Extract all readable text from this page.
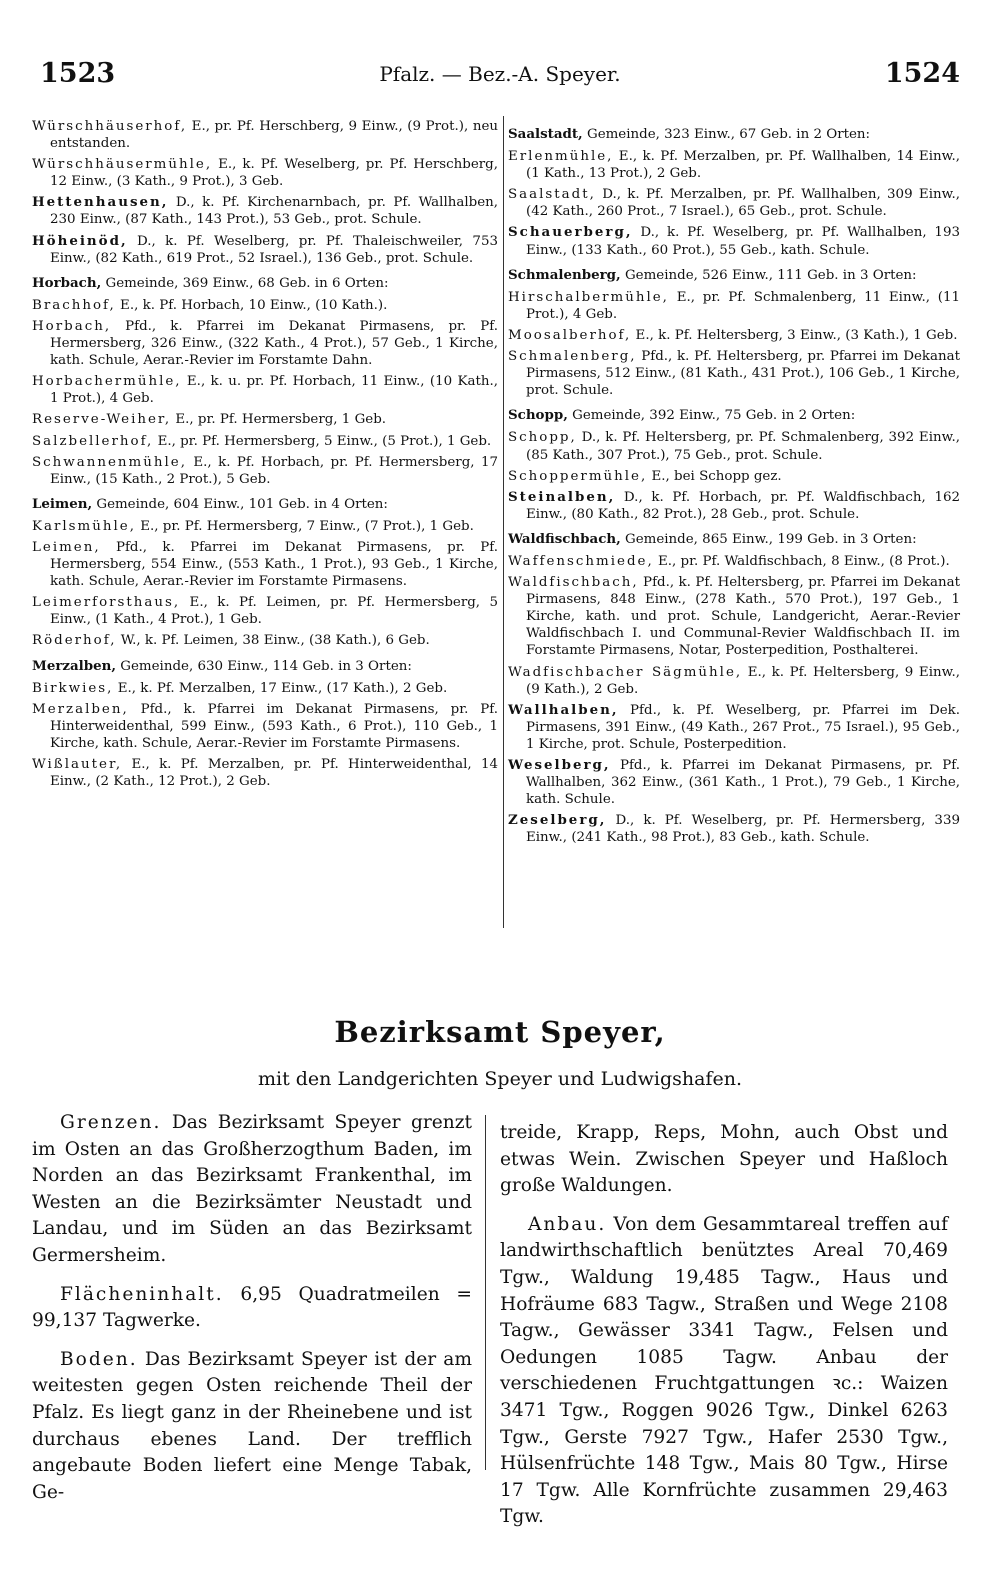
1523	Pfalz. — Bez.-A. Speyer.	1524

Würschhäuserhof, E., pr. Pf. Herschberg, 9 Einw., (9 Prot.), neu entstanden.

Würschhäusermühle, E., k. Pf. Weselberg, pr. Pf. Herschberg, 12 Einw., (3 Kath., 9 Prot.), 3 Geb.

Hettenhausen, D., k. Pf. Kirchenarnbach, pr. Pf. Wallhalben, 230 Einw., (87 Kath., 143 Prot.), 53 Geb., prot. Schule.

Höheinöd, D., k. Pf. Weselberg, pr. Pf. Thaleischweiler, 753 Einw., (82 Kath., 619 Prot., 52 Israel.), 136 Geb., prot. Schule.

Horbach, Gemeinde, 369 Einw., 68 Geb. in 6 Orten:

Brachhof, E., k. Pf. Horbach, 10 Einw., (10 Kath.).

Horbach, Pfd., k. Pfarrei im Dekanat Pirmasens, pr. Pf. Hermersberg, 326 Einw., (322 Kath., 4 Prot.), 57 Geb., 1 Kirche, kath. Schule, Aerar.-Revier im Forstamte Dahn.

Horbachermühle, E., k. u. pr. Pf. Horbach, 11 Einw., (10 Kath., 1 Prot.), 4 Geb.

Reserve-Weiher, E., pr. Pf. Hermersberg, 1 Geb.

Salzbellerhof, E., pr. Pf. Hermersberg, 5 Einw., (5 Prot.), 1 Geb.

Schwannenmühle, E., k. Pf. Horbach, pr. Pf. Hermersberg, 17 Einw., (15 Kath., 2 Prot.), 5 Geb.

Leimen, Gemeinde, 604 Einw., 101 Geb. in 4 Orten:

Karlsmühle, E., pr. Pf. Hermersberg, 7 Einw., (7 Prot.), 1 Geb.

Leimen, Pfd., k. Pfarrei im Dekanat Pirmasens, pr. Pf. Hermersberg, 554 Einw., (553 Kath., 1 Prot.), 93 Geb., 1 Kirche, kath. Schule, Aerar.-Revier im Forstamte Pirmasens.

Leimerforsthaus, E., k. Pf. Leimen, pr. Pf. Hermersberg, 5 Einw., (1 Kath., 4 Prot.), 1 Geb.

Röderhof, W., k. Pf. Leimen, 38 Einw., (38 Kath.), 6 Geb.

Merzalben, Gemeinde, 630 Einw., 114 Geb. in 3 Orten:

Birkwies, E., k. Pf. Merzalben, 17 Einw., (17 Kath.), 2 Geb.

Merzalben, Pfd., k. Pfarrei im Dekanat Pirmasens, pr. Pf. Hinterweidenthal, 599 Einw., (593 Kath., 6 Prot.), 110 Geb., 1 Kirche, kath. Schule, Aerar.-Revier im Forstamte Pirmasens.

Wißlauter, E., k. Pf. Merzalben, pr. Pf. Hinterweidenthal, 14 Einw., (2 Kath., 12 Prot.), 2 Geb.

Saalstadt, Gemeinde, 323 Einw., 67 Geb. in 2 Orten:

Erlenmühle, E., k. Pf. Merzalben, pr. Pf. Wallhalben, 14 Einw., (1 Kath., 13 Prot.), 2 Geb.

Saalstadt, D., k. Pf. Merzalben, pr. Pf. Wallhalben, 309 Einw., (42 Kath., 260 Prot., 7 Israel.), 65 Geb., prot. Schule.

Schauerberg, D., k. Pf. Weselberg, pr. Pf. Wallhalben, 193 Einw., (133 Kath., 60 Prot.), 55 Geb., kath. Schule.

Schmalenberg, Gemeinde, 526 Einw., 111 Geb. in 3 Orten:

Hirschalbermühle, E., pr. Pf. Schmalenberg, 11 Einw., (11 Prot.), 4 Geb.

Moosalberhof, E., k. Pf. Heltersberg, 3 Einw., (3 Kath.), 1 Geb.

Schmalenberg, Pfd., k. Pf. Heltersberg, pr. Pfarrei im Dekanat Pirmasens, 512 Einw., (81 Kath., 431 Prot.), 106 Geb., 1 Kirche, prot. Schule.

Schopp, Gemeinde, 392 Einw., 75 Geb. in 2 Orten:

Schopp, D., k. Pf. Heltersberg, pr. Pf. Schmalenberg, 392 Einw., (85 Kath., 307 Prot.), 75 Geb., prot. Schule.

Schoppermühle, E., bei Schopp gez.

Steinalben, D., k. Pf. Horbach, pr. Pf. Waldfischbach, 162 Einw., (80 Kath., 82 Prot.), 28 Geb., prot. Schule.

Waldfischbach, Gemeinde, 865 Einw., 199 Geb. in 3 Orten:

Waffenschmiede, E., pr. Pf. Waldfischbach, 8 Einw., (8 Prot.).

Waldfischbach, Pfd., k. Pf. Heltersberg, pr. Pfarrei im Dekanat Pirmasens, 848 Einw., (278 Kath., 570 Prot.), 197 Geb., 1 Kirche, kath. und prot. Schule, Landgericht, Aerar.-Revier Waldfischbach I. und Communal-Revier Waldfischbach II. im Forstamte Pirmasens, Notar, Posterpedition, Posthalterei.

Wadfischbacher Sägmühle, E., k. Pf. Heltersberg, 9 Einw., (9 Kath.), 2 Geb.

Wallhalben, Pfd., k. Pf. Weselberg, pr. Pfarrei im Dek. Pirmasens, 391 Einw., (49 Kath., 267 Prot., 75 Israel.), 95 Geb., 1 Kirche, prot. Schule, Posterpedition.

Weselberg, Pfd., k. Pfarrei im Dekanat Pirmasens, pr. Pf. Wallhalben, 362 Einw., (361 Kath., 1 Prot.), 79 Geb., 1 Kirche, kath. Schule.

Zeselberg, D., k. Pf. Weselberg, pr. Pf. Hermersberg, 339 Einw., (241 Kath., 98 Prot.), 83 Geb., kath. Schule.

Bezirksamt Speyer,
mit den Landgerichten Speyer und Ludwigshafen.

Grenzen. Das Bezirksamt Speyer grenzt im Osten an das Großherzogthum Baden, im Norden an das Bezirksamt Frankenthal, im Westen an die Bezirksämter Neustadt und Landau, und im Süden an das Bezirksamt Germersheim.

Flächeninhalt. 6,95 Quadratmeilen = 99,137 Tagwerke.

Boden. Das Bezirksamt Speyer ist der am weitesten gegen Osten reichende Theil der Pfalz. Es liegt ganz in der Rheinebene und ist durchaus ebenes Land. Der trefflich angebaute Boden liefert eine Menge Tabak, Ge-

treide, Krapp, Reps, Mohn, auch Obst und etwas Wein. Zwischen Speyer und Haßloch große Waldungen.

Anbau. Von dem Gesammtareal treffen auf landwirthschaftlich benütztes Areal 70,469 Tgw., Waldung 19,485 Tagw., Haus und Hofräume 683 Tagw., Straßen und Wege 2108 Tagw., Gewässer 3341 Tagw., Felsen und Oedungen 1085 Tagw. Anbau der verschiedenen Fruchtgattungen ꝛc.: Waizen 3471 Tgw., Roggen 9026 Tgw., Dinkel 6263 Tgw., Gerste 7927 Tgw., Hafer 2530 Tgw., Hülsenfrüchte 148 Tgw., Mais 80 Tgw., Hirse 17 Tgw. Alle Kornfrüchte zusammen 29,463 Tgw.
